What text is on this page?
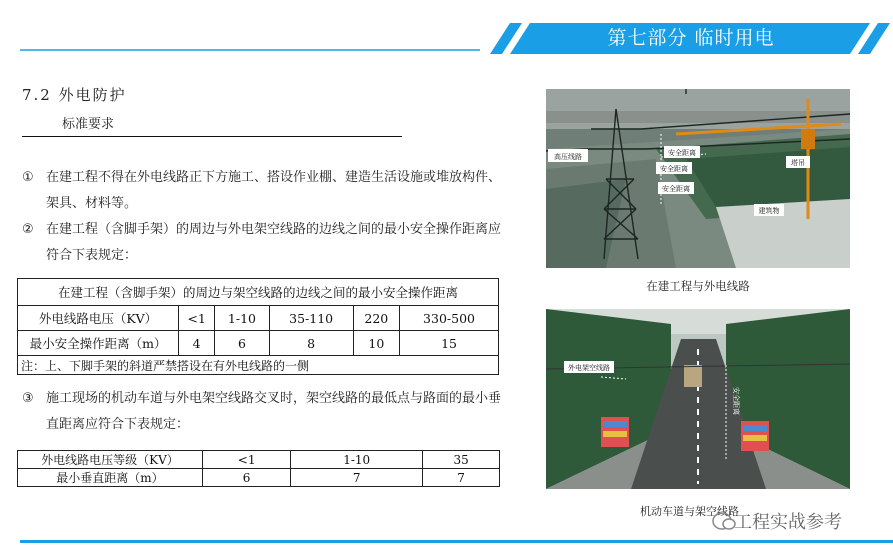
第七部分 临时用电
7.2 外电防护
标准要求
① 在建工程不得在外电线路正下方施工、搭设作业棚、建造生活设施或堆放构件、架具、材料等。
② 在建工程（含脚手架）的周边与外电架空线路的边线之间的最小安全操作距离应符合下表规定：
在建工程（含脚手架）的周边与架空线路的边线之间的最小安全操作距离					
外电线路电压（KV）	<1	1-10	35-110	220	330-500
最小安全操作距离（m）	4	6	8	10	15
注：上、下脚手架的斜道严禁搭设在有外电线路的一侧					
③ 施工现场的机动车道与外电架空线路交叉时，架空线路的最低点与路面的最小垂直距离应符合下表规定：
外电线路电压等级（KV）	<1	1-10	35
最小垂直距离（m）	6	7	7
高压线路	安全距离
安全距离
安全距离
塔吊
建筑物
在建工程与外电线路
外电架空线路
安全距离
机动车道与架空线路
工程实战参考
